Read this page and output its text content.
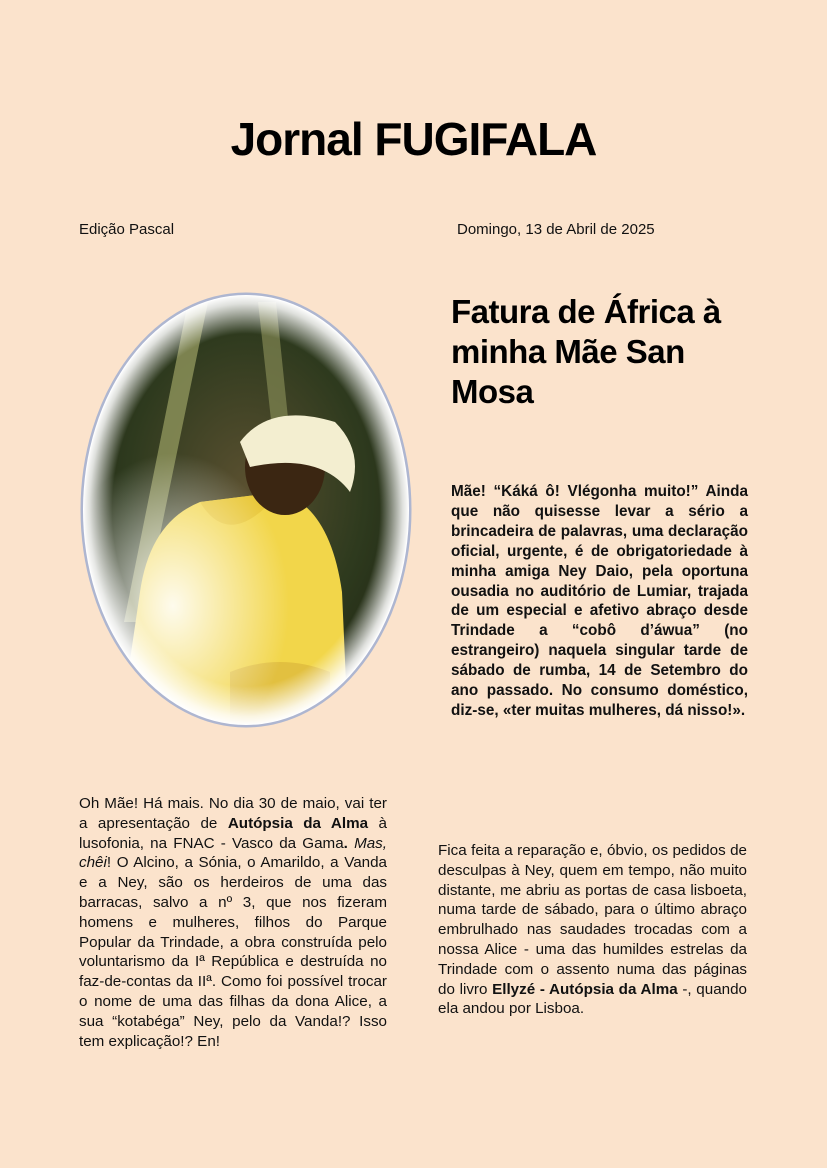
Jornal FUGIFALA
Edição Pascal	Domingo, 13 de Abril de 2025
Fatura de África à minha Mãe San Mosa
Mãe! “Káká ô! Vlégonha muito!” Ainda que não quisesse levar a sério a brincadeira de palavras, uma declaração oficial, urgente, é de obrigatoriedade à minha amiga Ney Daio, pela oportuna ousadia no auditório de Lumiar, trajada de um especial e afetivo abraço desde Trindade a “cobô d’áwua” (no estrangeiro) naquela singular tarde de sábado de rumba, 14 de Setembro do ano passado. No consumo doméstico, diz-se, «ter muitas mulheres, dá nisso!».
Oh Mãe! Há mais. No dia 30 de maio, vai ter a apresentação de Autópsia da Alma à lusofonia, na FNAC - Vasco da Gama. Mas, chêi! O Alcino, a Sónia, o Amarildo, a Vanda e a Ney, são os herdeiros de uma das barracas, salvo a nº 3, que nos fizeram homens e mulheres, filhos do Parque Popular da Trindade, a obra construída pelo voluntarismo da Iª República e destruída no faz-de-contas da IIª. Como foi possível trocar o nome de uma das filhas da dona Alice, a sua “kotabéga” Ney, pelo da Vanda!? Isso tem explicação!? En!
Fica feita a reparação e, óbvio, os pedidos de desculpas à Ney, quem em tempo, não muito distante, me abriu as portas de casa lisboeta, numa tarde de sábado, para o último abraço embrulhado nas saudades trocadas com a nossa Alice - uma das humildes estrelas da Trindade com o assento numa das páginas do livro Ellyzé - Autópsia da Alma -, quando ela andou por Lisboa.
